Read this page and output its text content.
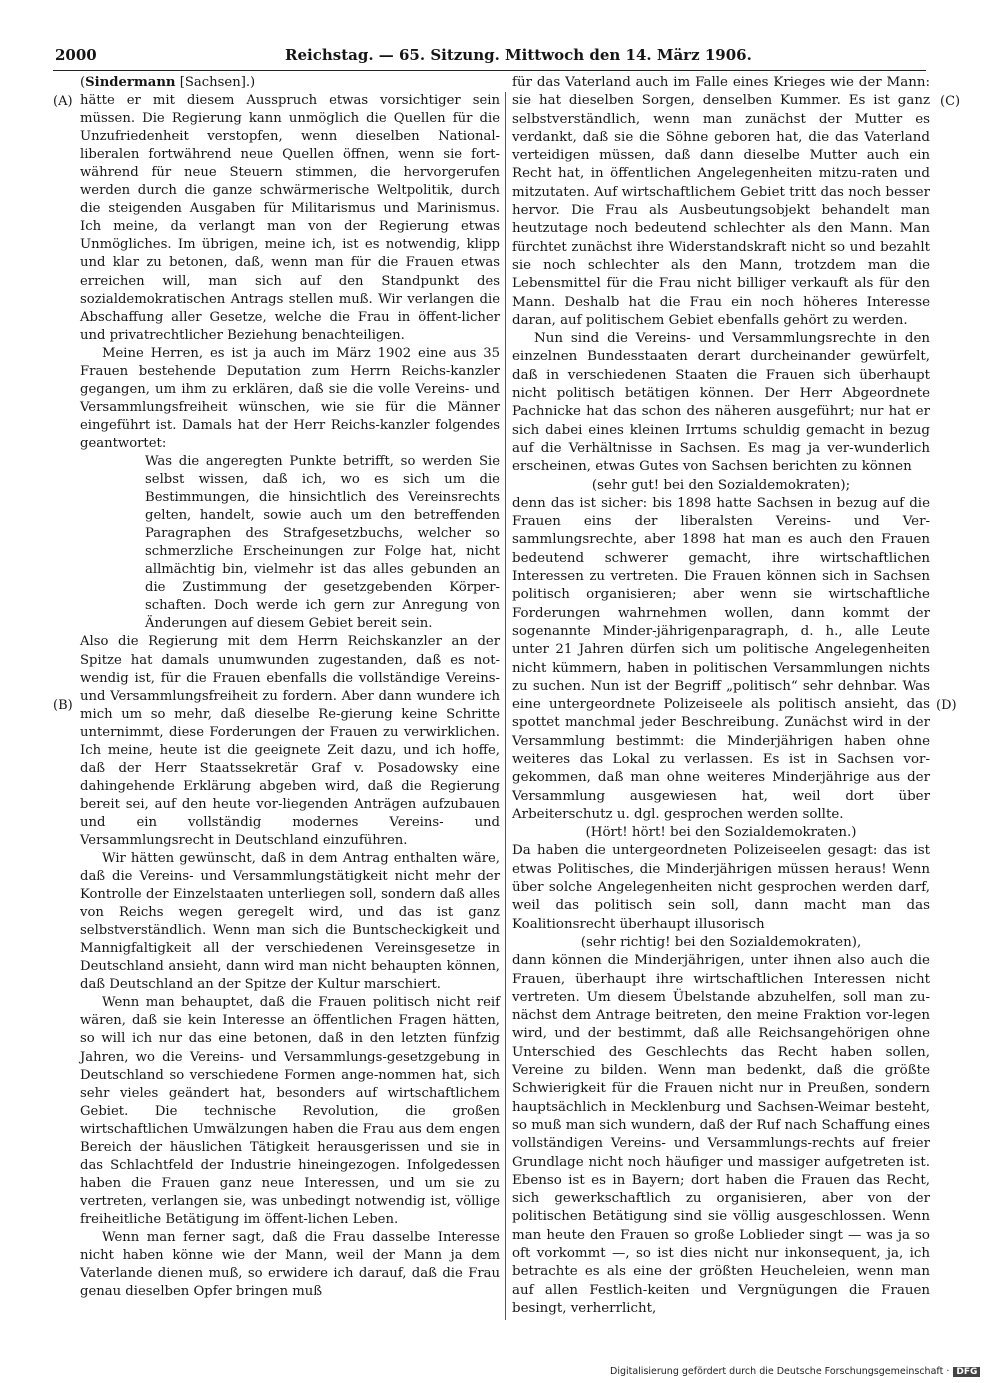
2000	Reichstag. — 65. Sitzung. Mittwoch den 14. März 1906.
(A)
(B)
(C)
(D)

(Sindermann [Sachsen].)

hätte er mit diesem Ausspruch etwas vorsichtiger sein müssen. Die Regierung kann unmöglich die Quellen für die Unzufriedenheit verstopfen, wenn dieselben National-liberalen fortwährend neue Quellen öffnen, wenn sie fort-während für neue Steuern stimmen, die hervorgerufen werden durch die ganze schwärmerische Weltpolitik, durch die steigenden Ausgaben für Militarismus und Marinismus. Ich meine, da verlangt man von der Regierung etwas Unmögliches. Im übrigen, meine ich, ist es notwendig, klipp und klar zu betonen, daß, wenn man für die Frauen etwas erreichen will, man sich auf den Standpunkt des sozialdemokratischen Antrags stellen muß. Wir verlangen die Abschaffung aller Gesetze, welche die Frau in öffent-licher und privatrechtlicher Beziehung benachteiligen.

Meine Herren, es ist ja auch im März 1902 eine aus 35 Frauen bestehende Deputation zum Herrn Reichs-kanzler gegangen, um ihm zu erklären, daß sie die volle Vereins- und Versammlungsfreiheit wünschen, wie sie für die Männer eingeführt ist. Damals hat der Herr Reichs-kanzler folgendes geantwortet:

Was die angeregten Punkte betrifft, so werden Sie selbst wissen, daß ich, wo es sich um die Bestimmungen, die hinsichtlich des Vereinsrechts gelten, handelt, sowie auch um den betreffenden Paragraphen des Strafgesetzbuchs, welcher so schmerzliche Erscheinungen zur Folge hat, nicht allmächtig bin, vielmehr ist das alles gebunden an die Zustimmung der gesetzgebenden Körper-schaften. Doch werde ich gern zur Anregung von Änderungen auf diesem Gebiet bereit sein.

Also die Regierung mit dem Herrn Reichskanzler an der Spitze hat damals unumwunden zugestanden, daß es not-wendig ist, für die Frauen ebenfalls die vollständige Vereins- und Versammlungsfreiheit zu fordern. Aber dann wundere ich mich um so mehr, daß dieselbe Re-gierung keine Schritte unternimmt, diese Forderungen der Frauen zu verwirklichen. Ich meine, heute ist die geeignete Zeit dazu, und ich hoffe, daß der Herr Staatssekretär Graf v. Posadowsky eine dahingehende Erklärung abgeben wird, daß die Regierung bereit sei, auf den heute vor-liegenden Anträgen aufzubauen und ein vollständig modernes Vereins- und Versammlungsrecht in Deutschland einzuführen.

Wir hätten gewünscht, daß in dem Antrag enthalten wäre, daß die Vereins- und Versammlungstätigkeit nicht mehr der Kontrolle der Einzelstaaten unterliegen soll, sondern daß alles von Reichs wegen geregelt wird, und das ist ganz selbstverständlich. Wenn man sich die Buntscheckigkeit und Mannigfaltigkeit all der verschiedenen Vereinsgesetze in Deutschland ansieht, dann wird man nicht behaupten können, daß Deutschland an der Spitze der Kultur marschiert.

Wenn man behauptet, daß die Frauen politisch nicht reif wären, daß sie kein Interesse an öffentlichen Fragen hätten, so will ich nur das eine betonen, daß in den letzten fünfzig Jahren, wo die Vereins- und Versammlungs-gesetzgebung in Deutschland so verschiedene Formen ange-nommen hat, sich sehr vieles geändert hat, besonders auf wirtschaftlichem Gebiet. Die technische Revolution, die großen wirtschaftlichen Umwälzungen haben die Frau aus dem engen Bereich der häuslichen Tätigkeit herausgerissen und sie in das Schlachtfeld der Industrie hineingezogen. Infolgedessen haben die Frauen ganz neue Interessen, und um sie zu vertreten, verlangen sie, was unbedingt notwendig ist, völlige freiheitliche Betätigung im öffent-lichen Leben.

Wenn man ferner sagt, daß die Frau dasselbe Interesse nicht haben könne wie der Mann, weil der Mann ja dem Vaterlande dienen muß, so erwidere ich darauf, daß die Frau genau dieselben Opfer bringen muß

für das Vaterland auch im Falle eines Krieges wie der Mann: sie hat dieselben Sorgen, denselben Kummer. Es ist ganz selbstverständlich, wenn man zunächst der Mutter es verdankt, daß sie die Söhne geboren hat, die das Vaterland verteidigen müssen, daß dann dieselbe Mutter auch ein Recht hat, in öffentlichen Angelegenheiten mitzu-raten und mitzutaten. Auf wirtschaftlichem Gebiet tritt das noch besser hervor. Die Frau als Ausbeutungsobjekt behandelt man heutzutage noch bedeutend schlechter als den Mann. Man fürchtet zunächst ihre Widerstandskraft nicht so und bezahlt sie noch schlechter als den Mann, trotzdem man die Lebensmittel für die Frau nicht billiger verkauft als für den Mann. Deshalb hat die Frau ein noch höheres Interesse daran, auf politischem Gebiet ebenfalls gehört zu werden.

Nun sind die Vereins- und Versammlungsrechte in den einzelnen Bundesstaaten derart durcheinander gewürfelt, daß in verschiedenen Staaten die Frauen sich überhaupt nicht politisch betätigen können. Der Herr Abgeordnete Pachnicke hat das schon des näheren ausgeführt; nur hat er sich dabei eines kleinen Irrtums schuldig gemacht in bezug auf die Verhältnisse in Sachsen. Es mag ja ver-wunderlich erscheinen, etwas Gutes von Sachsen berichten zu können

(sehr gut! bei den Sozialdemokraten);

denn das ist sicher: bis 1898 hatte Sachsen in bezug auf die Frauen eins der liberalsten Vereins- und Ver-sammlungsrechte, aber 1898 hat man es auch den Frauen bedeutend schwerer gemacht, ihre wirtschaftlichen Interessen zu vertreten. Die Frauen können sich in Sachsen politisch organisieren; aber wenn sie wirtschaftliche Forderungen wahrnehmen wollen, dann kommt der sogenannte Minder-jährigenparagraph, d. h., alle Leute unter 21 Jahren dürfen sich um politische Angelegenheiten nicht kümmern, haben in politischen Versammlungen nichts zu suchen. Nun ist der Begriff „politisch“ sehr dehnbar. Was eine untergeordnete Polizeiseele als politisch ansieht, das spottet manchmal jeder Beschreibung. Zunächst wird in der Versammlung bestimmt: die Minderjährigen haben ohne weiteres das Lokal zu verlassen. Es ist in Sachsen vor-gekommen, daß man ohne weiteres Minderjährige aus der Versammlung ausgewiesen hat, weil dort über Arbeiterschutz u. dgl. gesprochen werden sollte.

(Hört! hört! bei den Sozialdemokraten.)

Da haben die untergeordneten Polizeiseelen gesagt: das ist etwas Politisches, die Minderjährigen müssen heraus! Wenn über solche Angelegenheiten nicht gesprochen werden darf, weil das politisch sein soll, dann macht man das Koalitionsrecht überhaupt illusorisch

(sehr richtig! bei den Sozialdemokraten),

dann können die Minderjährigen, unter ihnen also auch die Frauen, überhaupt ihre wirtschaftlichen Interessen nicht vertreten. Um diesem Übelstande abzuhelfen, soll man zu-nächst dem Antrage beitreten, den meine Fraktion vor-legen wird, und der bestimmt, daß alle Reichsangehörigen ohne Unterschied des Geschlechts das Recht haben sollen, Vereine zu bilden. Wenn man bedenkt, daß die größte Schwierigkeit für die Frauen nicht nur in Preußen, sondern hauptsächlich in Mecklenburg und Sachsen-Weimar besteht, so muß man sich wundern, daß der Ruf nach Schaffung eines vollständigen Vereins- und Versammlungs-rechts auf freier Grundlage nicht noch häufiger und massiger aufgetreten ist. Ebenso ist es in Bayern; dort haben die Frauen das Recht, sich gewerkschaftlich zu organisieren, aber von der politischen Betätigung sind sie völlig ausgeschlossen. Wenn man heute den Frauen so große Loblieder singt — was ja so oft vorkommt —, so ist dies nicht nur inkonsequent, ja, ich betrachte es als eine der größten Heucheleien, wenn man auf allen Festlich-keiten und Vergnügungen die Frauen besingt, verherrlicht,

Digitalisierung gefördert durch die Deutsche Forschungsgemeinschaft · DFG
